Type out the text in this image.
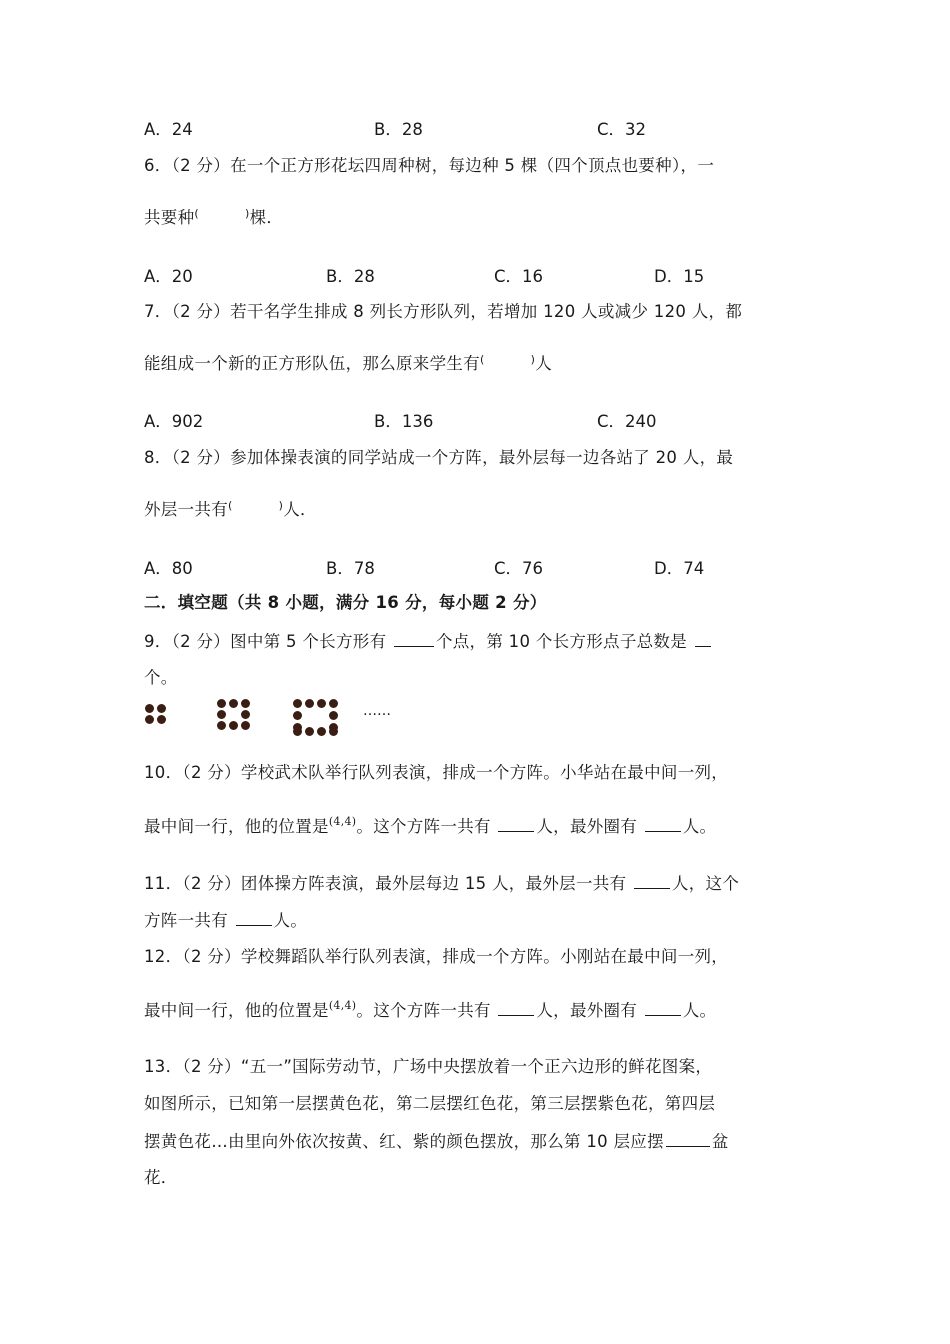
A．24	B．28	C．32
6．（2 分）在一个正方形花坛四周种树，每边种 5 棵（四个顶点也要种），一
共要种(	)棵．
A．20	B．28	C．16	D．15
7．（2 分）若干名学生排成 8 列长方形队列，若增加 120 人或减少 120 人，都
能组成一个新的正方形队伍，那么原来学生有(	)人
A．902	B．136	C．240
8．（2 分）参加体操表演的同学站成一个方阵，最外层每一边各站了 20 人，最
外层一共有(	)人．
A．80	B．78	C．76	D．74
二．填空题（共 8 小题，满分 16 分，每小题 2 分）
9．（2 分）图中第 5 个长方形有	个点，第 10 个长方形点子总数是
个。
……
10．（2 分）学校武术队举行队列表演，排成一个方阵。小华站在最中间一列，
最中间一行，他的位置是$^{(4,4)}$。这个方阵一共有 人，最外圈有 人。
11．（2 分）团体操方阵表演，最外层每边 15 人，最外层一共有 人，这个
方阵一共有 人。
12．（2 分）学校舞蹈队举行队列表演，排成一个方阵。小刚站在最中间一列，
最中间一行，他的位置是$^{(4,4)}$。这个方阵一共有 人，最外圈有 人。
13．（2 分）“五一”国际劳动节，广场中央摆放着一个正六边形的鲜花图案，
如图所示，已知第一层摆黄色花，第二层摆红色花，第三层摆紫色花，第四层
摆黄色花…由里向外依次按黄、红、紫的颜色摆放，那么第 10 层应摆	盆
花．
